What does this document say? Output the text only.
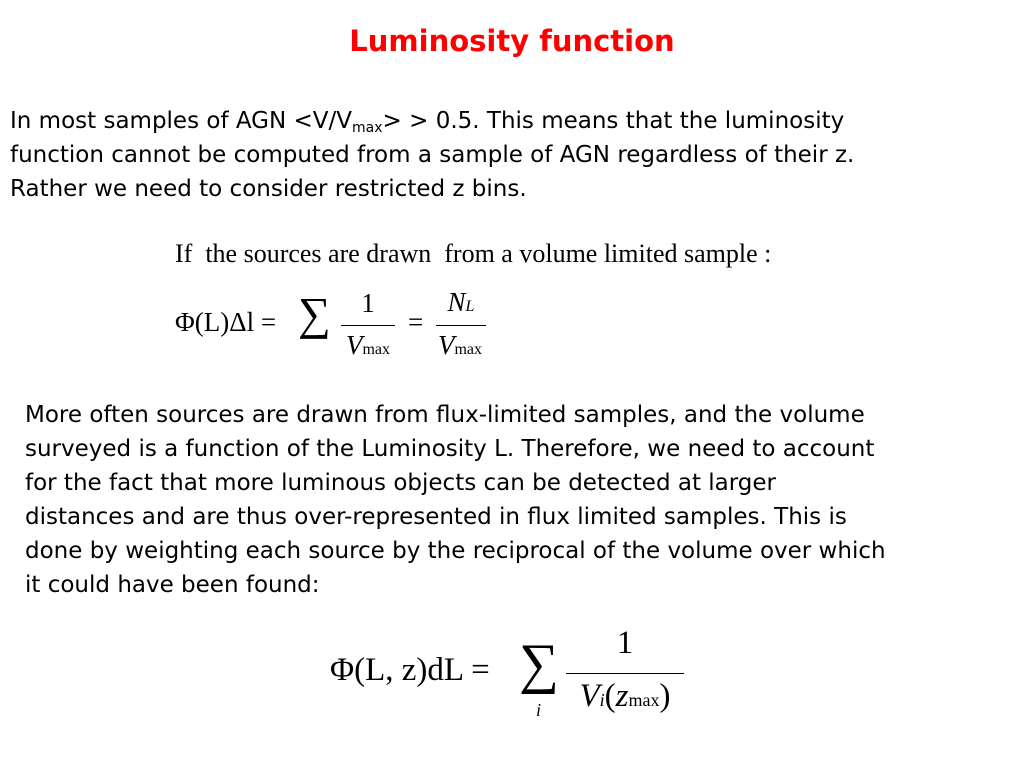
Luminosity function
In most samples of AGN $<V/V_{max}> > 0.5$. This means that the luminosity
function cannot be computed from a sample of AGN regardless of their z.
Rather we need to consider restricted z bins.
If  the sources are drawn  from a volume limited sample :
Φ(L)Δl = ∑	1
Vmax
=
NL
Vmax
More often sources are drawn from flux-limited samples, and the volume
surveyed is a function of the Luminosity L. Therefore, we need to account
for the fact that more luminous objects can be detected at larger
distances and are thus over-represented in flux limited samples. This is
done by weighting each source by the reciprocal of the volume over which
it could have been found:
Φ(L, z)dL = ∑
i
1
Vi(zmax)
